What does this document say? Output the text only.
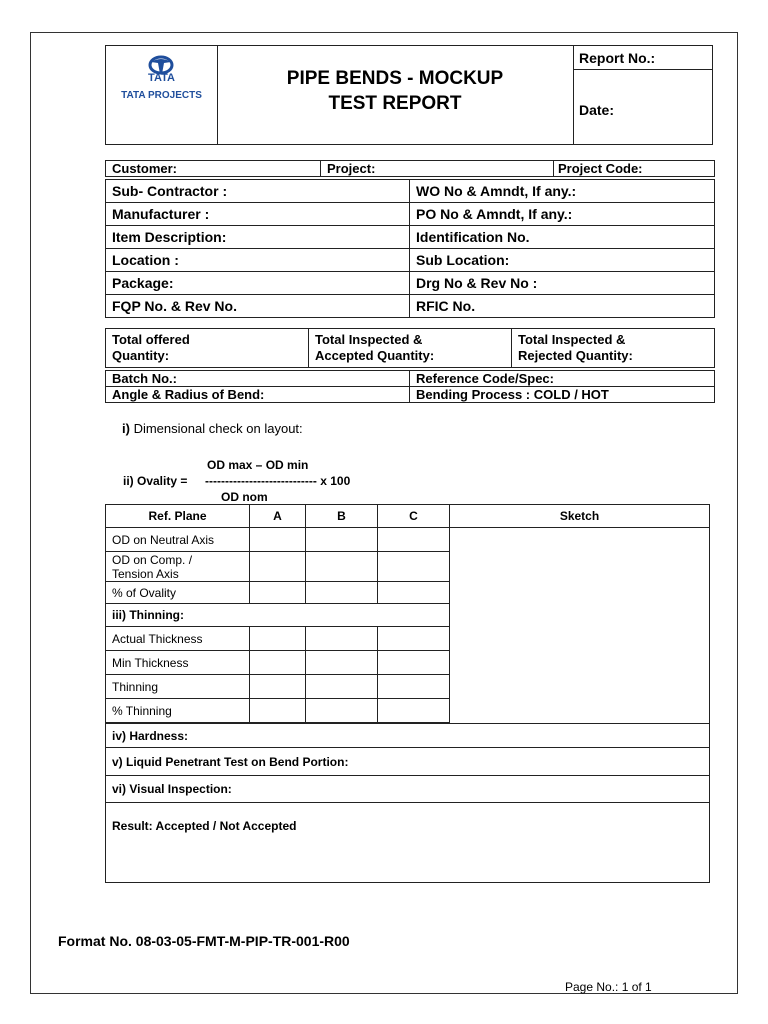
TATA
TATA PROJECTS
PIPE BENDS - MOCKUP
TEST REPORT
Report No.:
Date:
Customer:	Project:	Project Code:
Sub- Contractor :	WO No & Amndt, If any.:
Manufacturer :	PO No & Amndt, If any.:
Item Description:	Identification No.
Location :	Sub Location:
Package:	Drg No & Rev No :
FQP No. & Rev No.	RFIC No.
Total offered
Quantity:

Total Inspected &
Accepted Quantity:

Total Inspected &
Rejected Quantity:
Batch No.:	Reference Code/Spec:
Angle & Radius of Bend:	Bending Process : COLD / HOT
i) Dimensional check on layout:
OD max – OD min
ii) Ovality = ---------------------------- x 100
OD nom
Ref. Plane	A	B	C	Sketch
OD on Neutral Axis				

OD on Comp. /
Tension Axis				

% of Ovality				
iii) Thinning:				
Actual Thickness				
Min Thickness				
Thinning				
% Thinning				

iv) Hardness:				
v) Liquid Penetrant Test on Bend Portion:				
vi) Visual Inspection:				
Result: Accepted / Not Accepted				
Format No. 08-03-05-FMT-M-PIP-TR-001-R00
Page No.: 1 of 1
